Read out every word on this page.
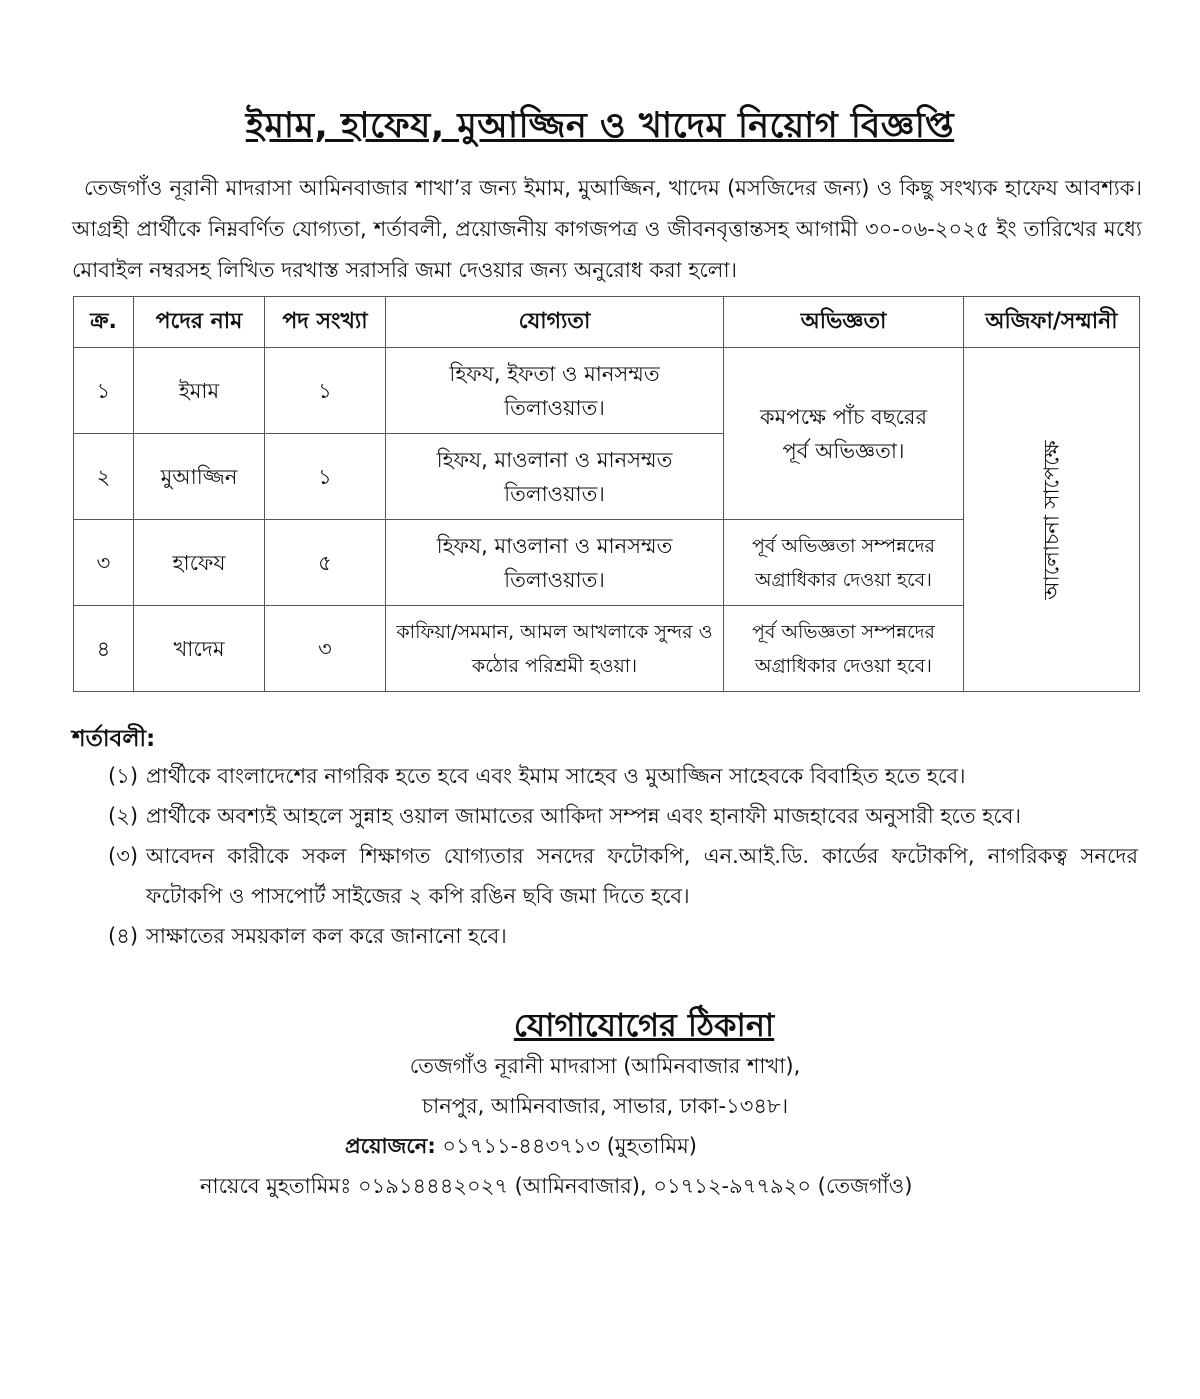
ইমাম, হাফেয, মুআজ্জিন ও খাদেম নিয়োগ বিজ্ঞপ্তি
তেজগাঁও নূরানী মাদরাসা আমিনবাজার শাখা’র জন্য ইমাম, মুআজ্জিন, খাদেম (মসজিদের জন্য) ও কিছু সংখ্যক হাফেয আবশ্যক। আগ্রহী প্রার্থীকে নিম্নবর্ণিত যোগ্যতা, শর্তাবলী, প্রয়োজনীয় কাগজপত্র ও জীবনবৃত্তান্তসহ আগামী ৩০-০৬-২০২৫ ইং তারিখের মধ্যে মোবাইল নম্বরসহ লিখিত দরখাস্ত সরাসরি জমা দেওয়ার জন্য অনুরোধ করা হলো।
ক্র.	পদের নাম	পদ সংখ্যা	যোগ্যতা	অভিজ্ঞতা	অজিফা/সম্মানী
১	ইমাম	১	হিফয, ইফতা ও মানসম্মত তিলাওয়াত।	কমপক্ষে পাঁচ বছরের পূর্ব অভিজ্ঞতা।	আলোচনা সাপেক্ষে
২	মুআজ্জিন	১	হিফয, মাওলানা ও মানসম্মত তিলাওয়াত।		
৩	হাফেয	৫	হিফয, মাওলানা ও মানসম্মত তিলাওয়াত।	পূর্ব অভিজ্ঞতা সম্পন্নদের অগ্রাধিকার দেওয়া হবে।	
৪	খাদেম	৩	কাফিয়া/সমমান, আমল আখলাকে সুন্দর ও কঠোর পরিশ্রমী হওয়া।	পূর্ব অভিজ্ঞতা সম্পন্নদের অগ্রাধিকার দেওয়া হবে।	
শর্তাবলী:
(১) প্রার্থীকে বাংলাদেশের নাগরিক হতে হবে এবং ইমাম সাহেব ও মুআজ্জিন সাহেবকে বিবাহিত হতে হবে।
(২) প্রার্থীকে অবশ্যই আহলে সুন্নাহ ওয়াল জামাতের আকিদা সম্পন্ন এবং হানাফী মাজহাবের অনুসারী হতে হবে।
(৩) আবেদন কারীকে সকল শিক্ষাগত যোগ্যতার সনদের ফটোকপি, এন.আই.ডি. কার্ডের ফটোকপি, নাগরিকত্ব সনদের ফটোকপি ও পাসপোর্ট সাইজের ২ কপি রঙিন ছবি জমা দিতে হবে।
(৪) সাক্ষাতের সময়কাল কল করে জানানো হবে।
যোগাযোগের ঠিকানা
তেজগাঁও নূরানী মাদরাসা (আমিনবাজার শাখা),
চানপুর, আমিনবাজার, সাভার, ঢাকা-১৩৪৮।
প্রয়োজনে: ০১৭১১-৪৪৩৭১৩ (মুহতামিম)
নায়েবে মুহতামিমঃ ০১৯১৪৪৪২০২৭ (আমিনবাজার), ০১৭১২-৯৭৭৯২০ (তেজগাঁও)
